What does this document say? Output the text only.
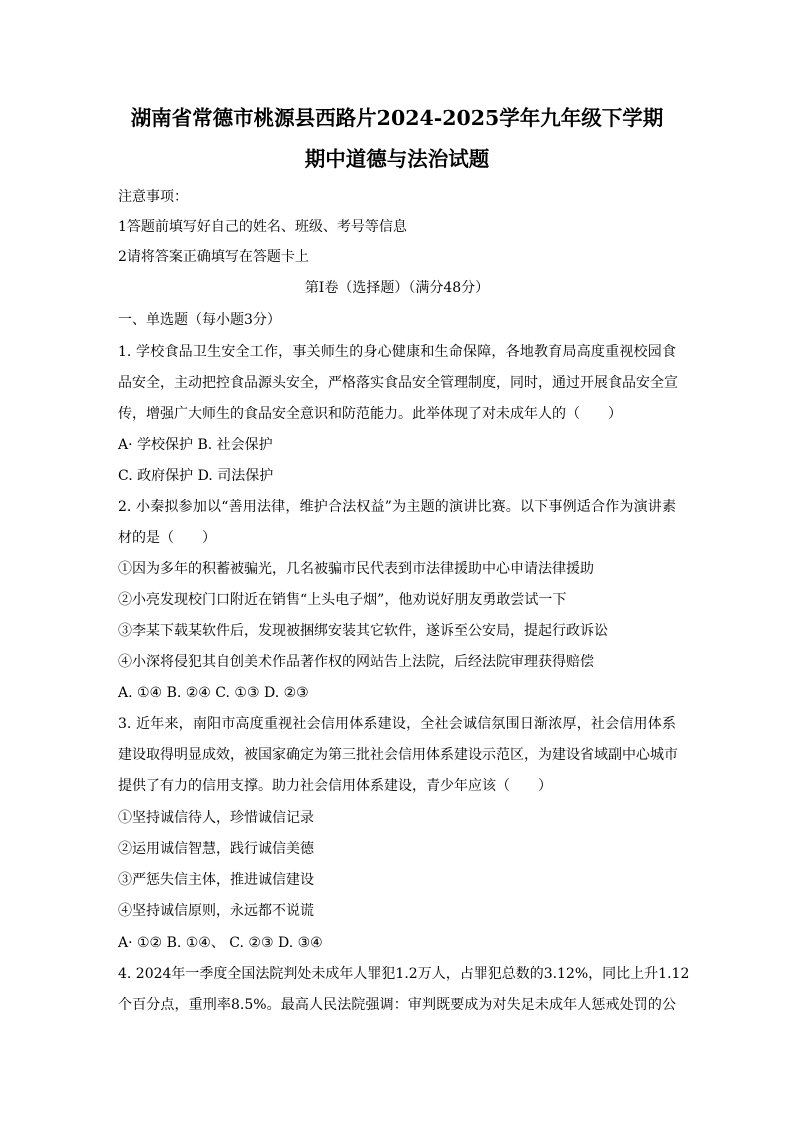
湖南省常德市桃源县西路片2024-2025学年九年级下学期
期中道德与法治试题
注意事项：
1答题前填写好自己的姓名、班级、考号等信息
2请将答案正确填写在答题卡上
第I卷（选择题）（满分48分）
一、单选题（每小题3分）
1. 学校食品卫生安全工作，事关师生的身心健康和生命保障，各地教育局高度重视校园食
品安全，主动把控食品源头安全，严格落实食品安全管理制度，同时，通过开展食品安全宣
传，增强广大师生的食品安全意识和防范能力。此举体现了对未成年人的（　　）
A· 学校保护 B. 社会保护
C. 政府保护 D. 司法保护
2. 小秦拟参加以“善用法律，维护合法权益”为主题的演讲比赛。以下事例适合作为演讲素
材的是（　　）
①因为多年的积蓄被骗光，几名被骗市民代表到市法律援助中心申请法律援助
②小亮发现校门口附近在销售“上头电子烟”，他劝说好朋友勇敢尝试一下
③李某下载某软件后，发现被捆绑安装其它软件，遂诉至公安局，提起行政诉讼
④小深将侵犯其自创美术作品著作权的网站告上法院，后经法院审理获得赔偿
A. ①④ B. ②④ C. ①③ D. ②③
3. 近年来，南阳市高度重视社会信用体系建设，全社会诚信氛围日渐浓厚，社会信用体系
建设取得明显成效，被国家确定为第三批社会信用体系建设示范区，为建设省域副中心城市
提供了有力的信用支撑。助力社会信用体系建设，青少年应该（　　）
①坚持诚信待人，珍惜诚信记录
②运用诚信智慧，践行诚信美德
③严惩失信主体，推进诚信建设
④坚持诚信原则，永远都不说谎
A· ①② B. ①④、 C. ②③ D. ③④
4. 2024年一季度全国法院判处未成年人罪犯1.2万人，占罪犯总数的3.12%，同比上升1.12
个百分点，重刑率8.5%。最高人民法院强调：审判既要成为对失足未成年人惩戒处罚的公
